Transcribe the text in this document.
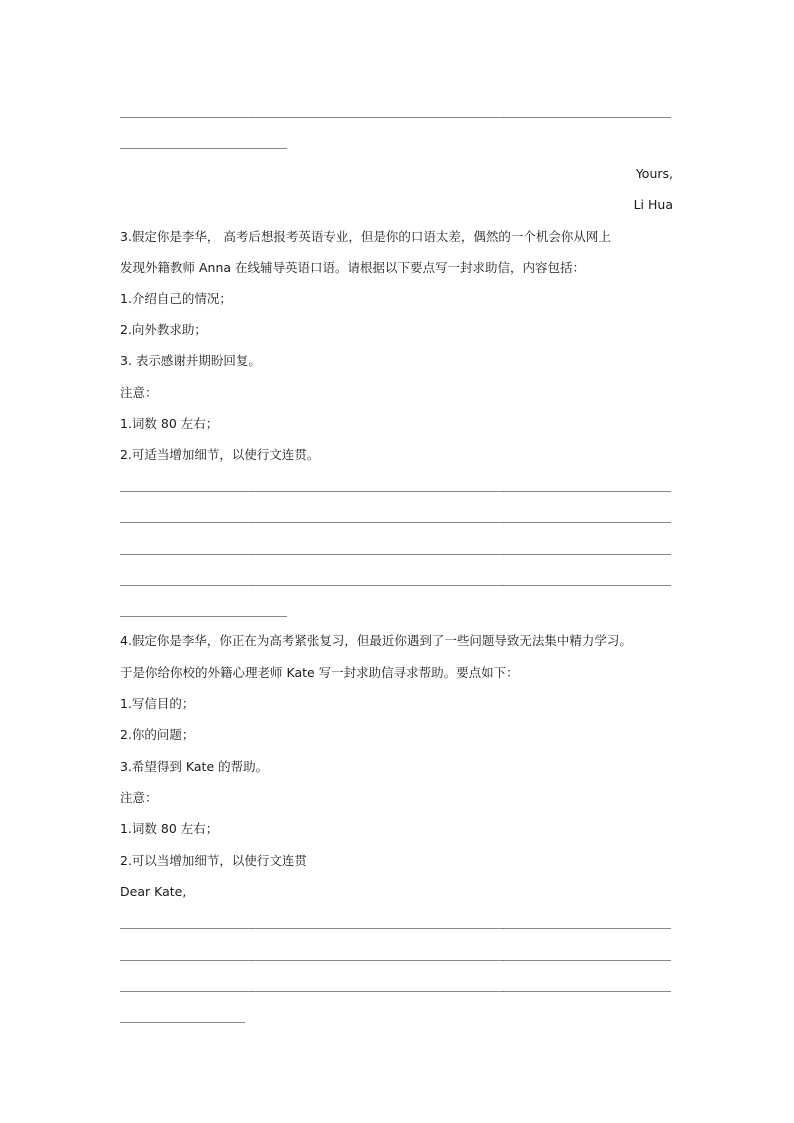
Yours,
Li Hua
3.假定你是李华， 高考后想报考英语专业，但是你的口语太差，偶然的一个机会你从网上
发现外籍教师 Anna 在线辅导英语口语。请根据以下要点写一封求助信，内容包括：
1.介绍自己的情况；
2.向外教求助；
3. 表示感谢并期盼回复。
注意：
1.词数 80 左右；
2.可适当增加细节，以使行文连贯。
4.假定你是李华，你正在为高考紧张复习，但最近你遇到了一些问题导致无法集中精力学习。
于是你给你校的外籍心理老师 Kate 写一封求助信寻求帮助。要点如下：
1.写信目的；
2.你的问题；
3.希望得到 Kate 的帮助。
注意：
1.词数 80 左右；
2.可以当增加细节，以使行文连贯
Dear Kate,
